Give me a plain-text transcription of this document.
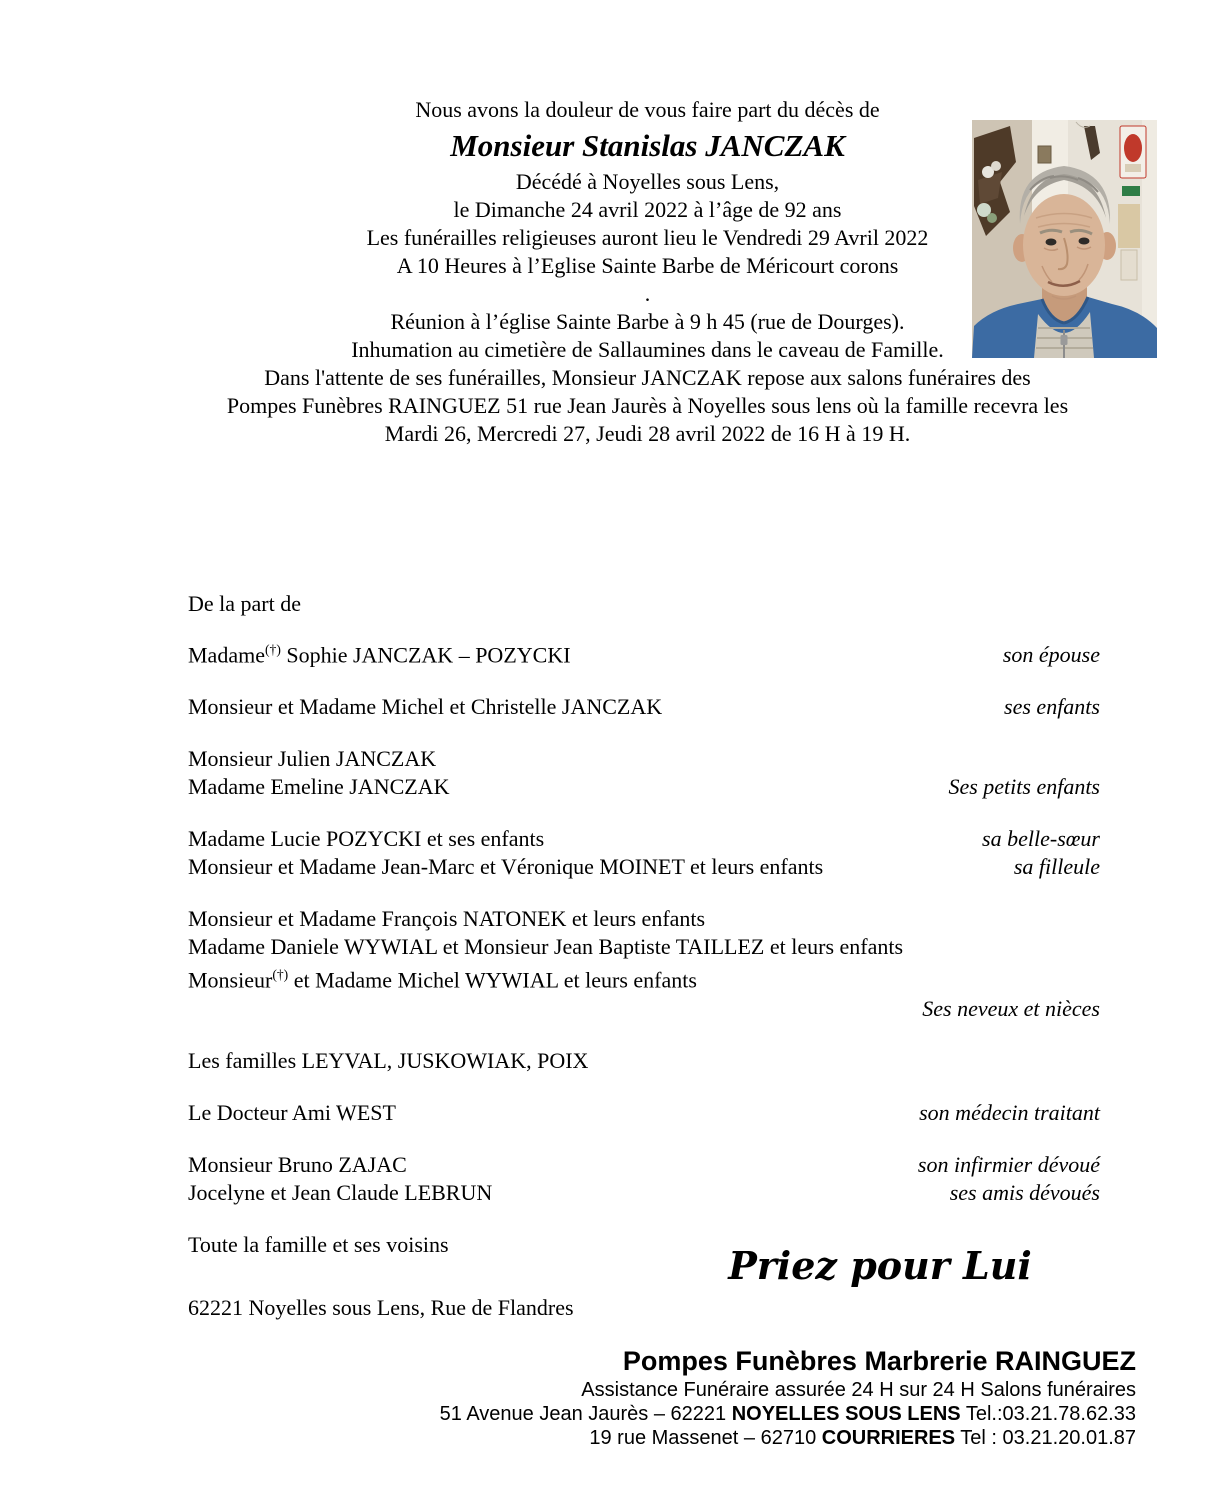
Nous avons la douleur de vous faire part du décès de

Monsieur Stanislas JANCZAK

Décédé à Noyelles sous Lens,

le Dimanche 24 avril 2022 à l’âge de 92 ans

Les funérailles religieuses auront lieu le Vendredi 29 Avril 2022

A 10 Heures à l’Eglise Sainte Barbe de Méricourt corons

.

Réunion à l’église Sainte Barbe à 9 h 45 (rue de Dourges).

Inhumation au cimetière de Sallaumines dans le caveau de Famille.

Dans l'attente de ses funérailles, Monsieur JANCZAK repose aux salons funéraires des

Pompes Funèbres RAINGUEZ 51 rue Jean Jaurès à Noyelles sous lens où la famille recevra les

Mardi 26, Mercredi 27, Jeudi 28 avril 2022 de 16 H à 19 H.

De la part de
Madame(†) Sophie JANCZAK – POZYCKI	son épouse
Monsieur et Madame Michel et Christelle JANCZAK	ses enfants
Monsieur Julien JANCZAK
Madame Emeline JANCZAK	Ses petits enfants
Madame Lucie POZYCKI et ses enfants	sa belle-sœur
Monsieur et Madame Jean-Marc et Véronique MOINET et leurs enfants	sa filleule
Monsieur et Madame François NATONEK et leurs enfants
Madame Daniele WYWIAL et Monsieur Jean Baptiste TAILLEZ et leurs enfants
Monsieur(†) et Madame Michel WYWIAL et leurs enfants
Ses neveux et nièces
Les familles LEYVAL, JUSKOWIAK, POIX
Le Docteur Ami WEST	son médecin traitant
Monsieur Bruno ZAJAC	son infirmier dévoué
Jocelyne et Jean Claude LEBRUN	ses amis dévoués
Toute la famille et ses voisins	Priez pour Lui
62221 Noyelles sous Lens, Rue de Flandres
Pompes Funèbres Marbrerie RAINGUEZ
Assistance Funéraire assurée 24 H sur 24 H Salons funéraires
51 Avenue Jean Jaurès – 62221 NOYELLES SOUS LENS Tel.:03.21.78.62.33
19 rue Massenet – 62710 COURRIERES Tel : 03.21.20.01.87
